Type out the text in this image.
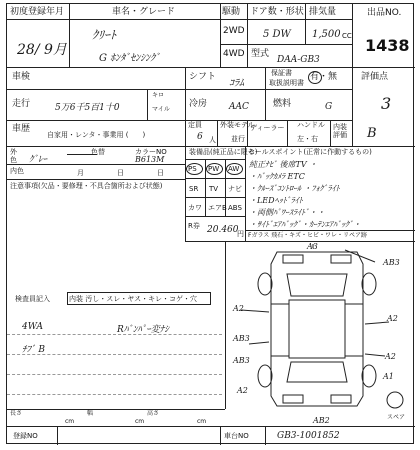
初度登録年月
28/ 9月
車名・グレード
ｸﾘｰﾄ
G ﾎﾝﾀﾞｾﾝｼﾝｸﾞ
駆動
2WD
4WD
ドア数・形状
5 DW
排気量
1,500 CC
型式
DAA-GB3
出品NO.
1438
車検	シフト
ｺﾗﾑ
保証書
取扱説明書
有・無	評価点
3
走行	5万6千5百1十0
キロ
マイル
冷房 AAC	燃料	G
車歴
自家用・レンタ・事業用 (　　)
定員
6 人
外装モデル
並行
ディーラー ハンドル
左・右
内装評価	B
外色 ｸﾞﾚｰ
色替	カラーNO
B613M
内色	月	日	日
注意事項(欠品・要修理・不具合箇所および状態)
装備品(純正品に限る)
PS PW AW
SR TV ナビ
カワ エアB ABS
R券 20.460
円
セールスポイント(正常に作動するもの)
純正ﾅﾋﾞ 後席TV ・
・ﾊﾞｯｸｶﾒﾗ ETC
・ｸﾙｰｽﾞｺﾝﾄﾛｰﾙ ・ﾌｫｸﾞﾗｲﾄ
・LEDﾍｯﾄﾞﾗｲﾄ
・両側ﾊﾟﾜｰｽﾗｲﾄﾞ・・
・ｻｲﾄﾞｴｱﾊﾞｯｸﾞ・ｶｰﾃﾝｴｱﾊﾞｯｸﾞ・
Fガラス 飛石・キズ・ヒビ・ワレ・リペア跡
検査員記入	内装 汚し・スレ・ヤス・キレ・コゲ・穴
4WA	Rﾊﾞﾝﾊﾟｰ変ﾅｼ
ﾁﾌﾞ B
A3
AB3
A2
A2
AB3
AB2
A2
A2
A1
AB3
スペア
長さ
cm
幅
cm
高さ
cm
登録NO	車台NO	GB3-1001852
